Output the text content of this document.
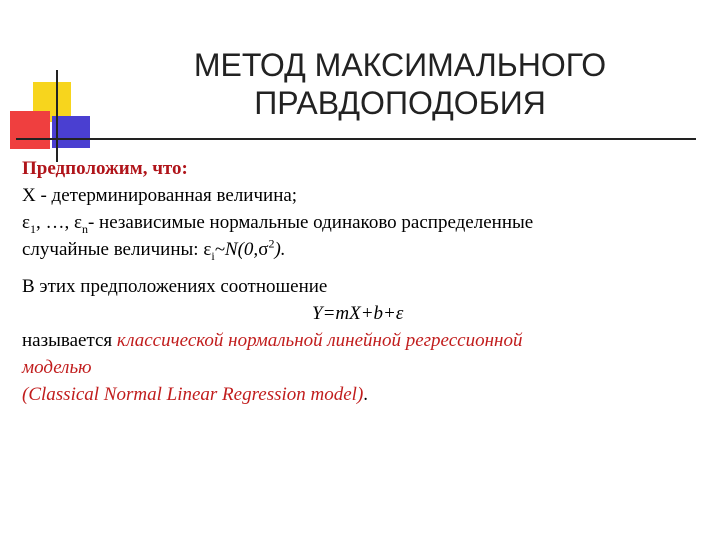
МЕТОД МАКСИМАЛЬНОГО
ПРАВДОПОДОБИЯ

Предположим, что:

X - детерминированная величина;

$\varepsilon_1$, …, $\varepsilon_n-$ независимые нормальные одинаково распределенные

случайные величины: $\varepsilon_i\sim N(0,\sigma^2)$.

В этих предположениях соотношение

Y=mX+b+ε

называется классической нормальной линейной регрессионной

моделью

(Classical Normal Linear Regression model).
